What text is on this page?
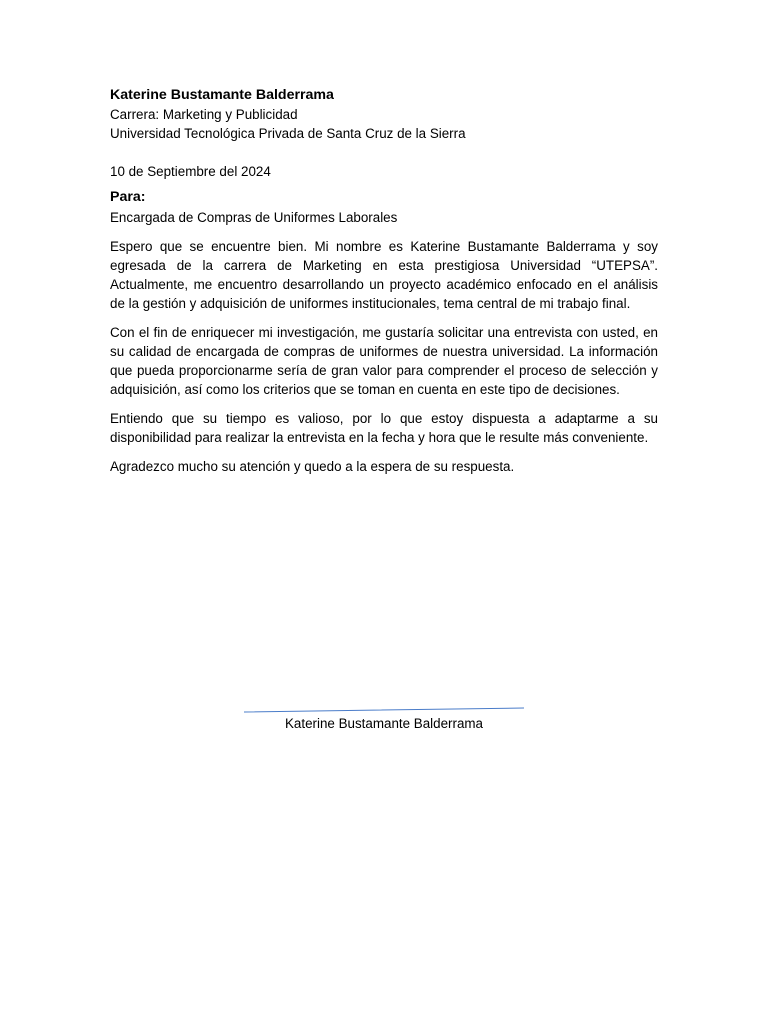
Katerine Bustamante Balderrama

Carrera: Marketing y Publicidad

Universidad Tecnológica Privada de Santa Cruz de la Sierra

10 de Septiembre del 2024

Para:

Encargada de Compras de Uniformes Laborales

Espero que se encuentre bien. Mi nombre es Katerine Bustamante Balderrama y soy egresada de la carrera de Marketing en esta prestigiosa Universidad “UTEPSA”. Actualmente, me encuentro desarrollando un proyecto académico enfocado en el análisis de la gestión y adquisición de uniformes institucionales, tema central de mi trabajo final.

Con el fin de enriquecer mi investigación, me gustaría solicitar una entrevista con usted, en su calidad de encargada de compras de uniformes de nuestra universidad. La información que pueda proporcionarme sería de gran valor para comprender el proceso de selección y adquisición, así como los criterios que se toman en cuenta en este tipo de decisiones.

Entiendo que su tiempo es valioso, por lo que estoy dispuesta a adaptarme a su disponibilidad para realizar la entrevista en la fecha y hora que le resulte más conveniente.

Agradezco mucho su atención y quedo a la espera de su respuesta.

Katerine Bustamante Balderrama
